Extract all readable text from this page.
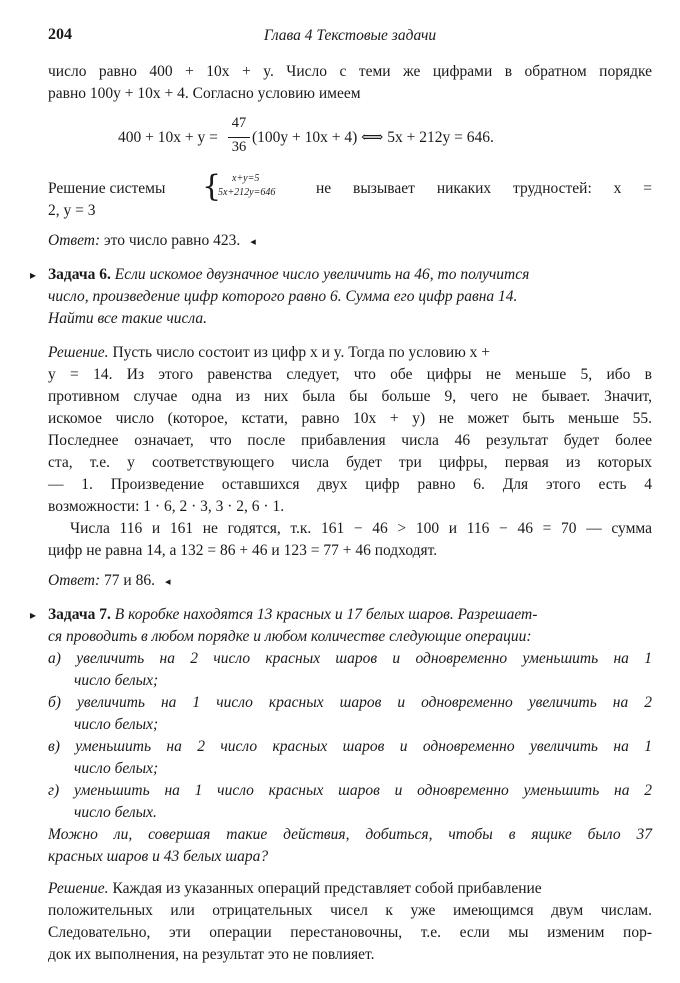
204	Глава 4 Текстовые задачи
число равно 400 + 10x + y. Число с теми же цифрами в обратном порядке
равно 100y + 10x + 4. Согласно условию имеем
400 + 10x + y =
47
36
(100y + 10x + 4) ⟺ 5x + 212y = 646.
Решение системы { x+y=5
5x+212y=646	не вызывает никаких трудностей: x =
2, y = 3
Ответ: это число равно 423. ◂
▸ Задача 6. Если искомое двузначное число увеличить на 46, то получится
число, произведение цифр которого равно 6. Сумма его цифр равна 14.
Найти все такие числа.
Решение. Пусть число состоит из цифр x и y. Тогда по условию x +
y = 14. Из этого равенства следует, что обе цифры не меньше 5, ибо в
противном случае одна из них была бы больше 9, чего не бывает. Значит,
искомое число (которое, кстати, равно 10x + y) не может быть меньше 55.
Последнее означает, что после прибавления числа 46 результат будет более
ста, т.е. у соответствующего числа будет три цифры, первая из которых
— 1. Произведение оставшихся двух цифр равно 6. Для этого есть 4
возможности: 1 · 6, 2 · 3, 3 · 2, 6 · 1.
Числа 116 и 161 не годятся, т.к. 161 − 46 > 100 и 116 − 46 = 70 — сумма
цифр не равна 14, а 132 = 86 + 46 и 123 = 77 + 46 подходят.
Ответ: 77 и 86. ◂
▸ Задача 7. В коробке находятся 13 красных и 17 белых шаров. Разрешает-
ся проводить в любом порядке и любом количестве следующие операции:
а) увеличить на 2 число красных шаров и одновременно уменьшить на 1
число белых;
б) увеличить на 1 число красных шаров и одновременно увеличить на 2
число белых;
в) уменьшить на 2 число красных шаров и одновременно увеличить на 1
число белых;
г) уменьшить на 1 число красных шаров и одновременно уменьшить на 2
число белых.
Можно ли, совершая такие действия, добиться, чтобы в ящике было 37
красных шаров и 43 белых шара?
Решение. Каждая из указанных операций представляет собой прибавление
положительных или отрицательных чисел к уже имеющимся двум числам.
Следовательно, эти операции перестановочны, т.е. если мы изменим пор-
док их выполнения, на результат это не повлияет.
